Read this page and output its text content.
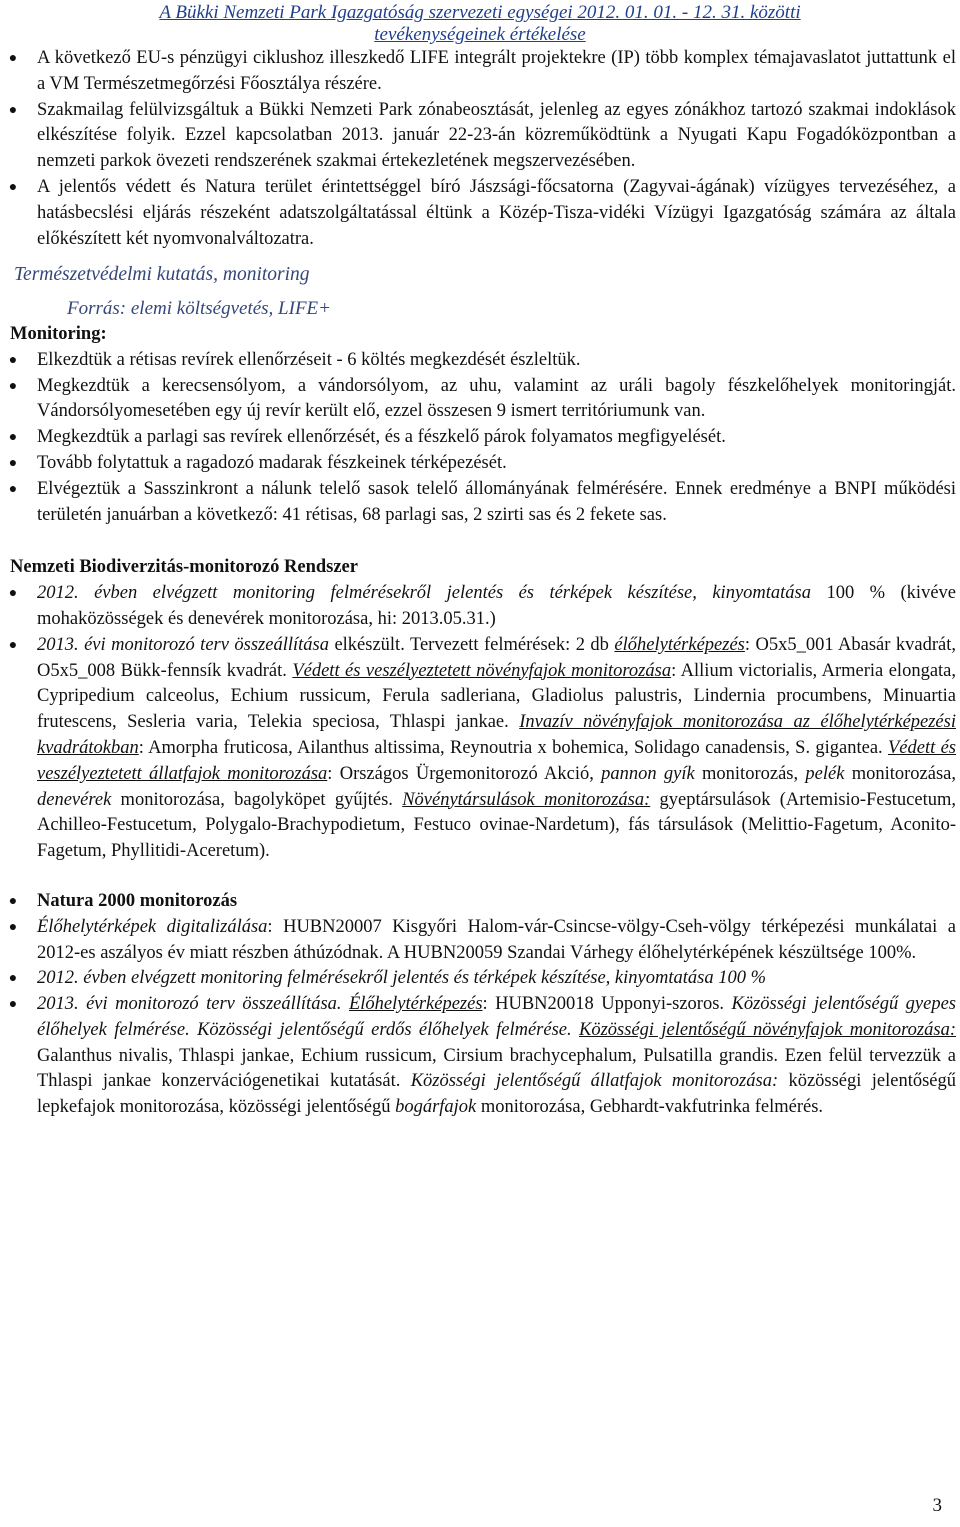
A Bükki Nemzeti Park Igazgatóság szervezeti egységei 2012. 01. 01. - 12. 31. közötti
tevékenységeinek értékelése
● A következő EU-s pénzügyi ciklushoz illeszkedő LIFE integrált projektekre (IP) több komplex témajavaslatot juttattunk el a VM Természetmegőrzési Főosztálya részére.
● Szakmailag felülvizsgáltuk a Bükki Nemzeti Park zónabeosztását, jelenleg az egyes zónákhoz tartozó szakmai indoklások elkészítése folyik. Ezzel kapcsolatban 2013. január 22-23-án közreműködtünk a Nyugati Kapu Fogadóközpontban a nemzeti parkok övezeti rendszerének szakmai értekezletének megszervezésében.
● A jelentős védett és Natura terület érintettséggel bíró Jászsági-főcsatorna (Zagyvai-ágának) vízügyes tervezéséhez, a hatásbecslési eljárás részeként adatszolgáltatással éltünk a Közép-Tisza-vidéki Vízügyi Igazgatóság számára az általa előkészített két nyomvonalváltozatra.
Természetvédelmi kutatás, monitoring
Forrás: elemi költségvetés, LIFE+
Monitoring:
● Elkezdtük a rétisas revírek ellenőrzéseit - 6 költés megkezdését észleltük.
● Megkezdtük a kerecsensólyom, a vándorsólyom, az uhu, valamint az uráli bagoly fészkelőhelyek monitoringját. Vándorsólyomesetében egy új revír került elő, ezzel összesen 9 ismert territóriumunk van.
● Megkezdtük a parlagi sas revírek ellenőrzését, és a fészkelő párok folyamatos megfigyelését.
● Tovább folytattuk a ragadozó madarak fészkeinek térképezését.
● Elvégeztük a Sasszinkront a nálunk telelő sasok telelő állományának felmérésére. Ennek eredménye a BNPI működési területén januárban a következő: 41 rétisas, 68 parlagi sas, 2 szirti sas és 2 fekete sas.
Nemzeti Biodiverzitás-monitorozó Rendszer
● 2012. évben elvégzett monitoring felmérésekről jelentés és térképek készítése, kinyomtatása 100 % (kivéve mohaközösségek és denevérek monitorozása, hi: 2013.05.31.)
● 2013. évi monitorozó terv összeállítása elkészült. Tervezett felmérések: 2 db élőhelytérképezés: O5x5_001 Abasár kvadrát, O5x5_008 Bükk-fennsík kvadrát. Védett és veszélyeztetett növényfajok monitorozása: Allium victorialis, Armeria elongata, Cypripedium calceolus, Echium russicum, Ferula sadleriana, Gladiolus palustris, Lindernia procumbens, Minuartia frutescens, Sesleria varia, Telekia speciosa, Thlaspi jankae. Invazív növényfajok monitorozása az élőhelytérképezési kvadrátokban: Amorpha fruticosa, Ailanthus altissima, Reynoutria x bohemica, Solidago canadensis, S. gigantea. Védett és veszélyeztetett állatfajok monitorozása: Országos Ürgemonitorozó Akció, pannon gyík monitorozás, pelék monitorozása, denevérek monitorozása, bagolyköpet gyűjtés. Növénytársulások monitorozása: gyeptársulások (Artemisio-Festucetum, Achilleo-Festucetum, Polygalo-Brachypodietum, Festuco ovinae-Nardetum), fás társulások (Melittio-Fagetum, Aconito-Fagetum, Phyllitidi-Aceretum).
● Natura 2000 monitorozás
● Élőhelytérképek digitalizálása: HUBN20007 Kisgyőri Halom-vár-Csincse-völgy-Cseh-völgy térképezési munkálatai a 2012-es aszályos év miatt részben áthúzódnak. A HUBN20059 Szandai Várhegy élőhelytérképének készültsége 100%.
● 2012. évben elvégzett monitoring felmérésekről jelentés és térképek készítése, kinyomtatása 100 %
● 2013. évi monitorozó terv összeállítása. Élőhelytérképezés: HUBN20018 Upponyi-szoros. Közösségi jelentőségű gyepes élőhelyek felmérése. Közösségi jelentőségű erdős élőhelyek felmérése. Közösségi jelentőségű növényfajok monitorozása: Galanthus nivalis, Thlaspi jankae, Echium russicum, Cirsium brachycephalum, Pulsatilla grandis. Ezen felül tervezzük a Thlaspi jankae konzervációgenetikai kutatását. Közösségi jelentőségű állatfajok monitorozása: közösségi jelentőségű lepkefajok monitorozása, közösségi jelentőségű bogárfajok monitorozása, Gebhardt-vakfutrinka felmérés.
3
